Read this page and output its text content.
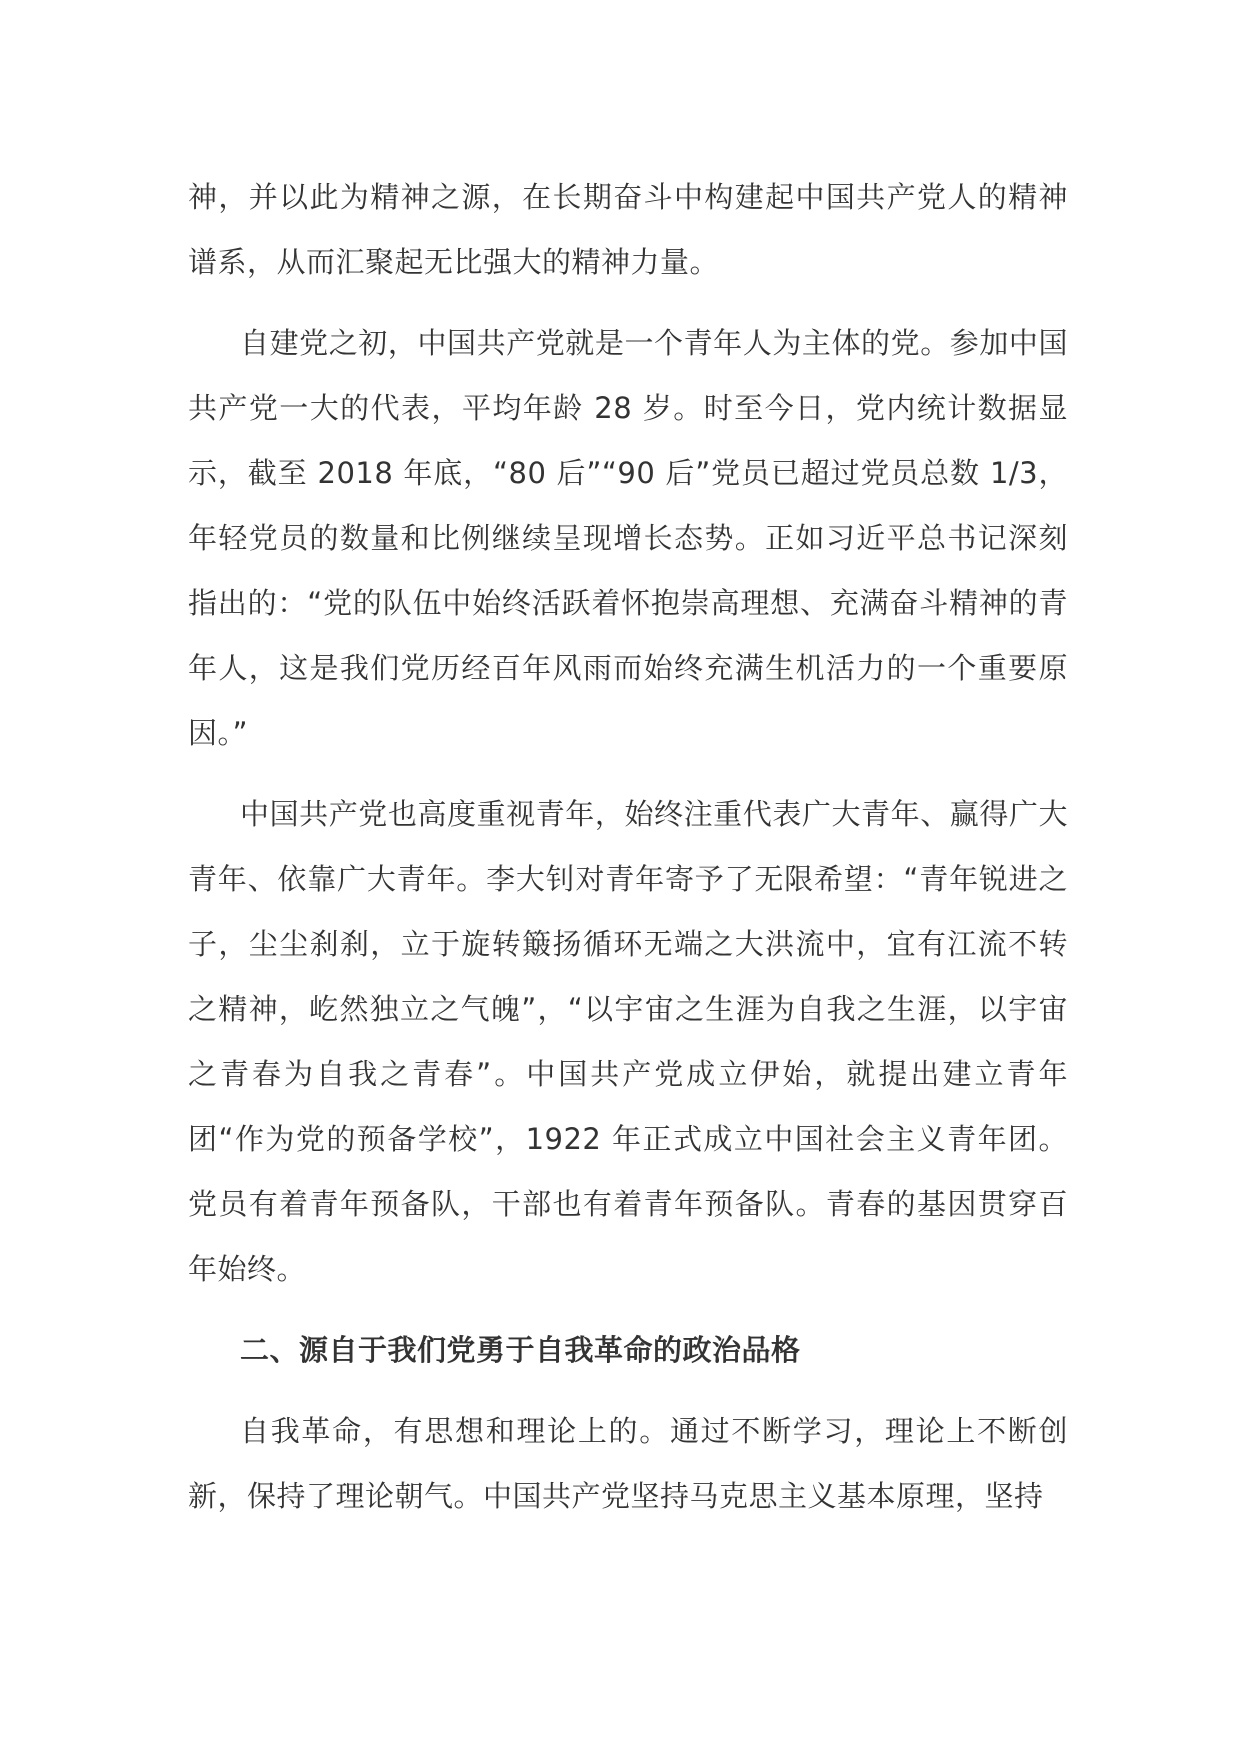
神，并以此为精神之源，在长期奋斗中构建起中国共产党人的精神谱系，从而汇聚起无比强大的精神力量。

自建党之初，中国共产党就是一个青年人为主体的党。参加中国共产党一大的代表，平均年龄 28 岁。时至今日，党内统计数据显示，截至 2018 年底，“80 后”“90 后”党员已超过党员总数 1/3，年轻党员的数量和比例继续呈现增长态势。正如习近平总书记深刻指出的：“党的队伍中始终活跃着怀抱崇高理想、充满奋斗精神的青年人，这是我们党历经百年风雨而始终充满生机活力的一个重要原因。”

中国共产党也高度重视青年，始终注重代表广大青年、赢得广大青年、依靠广大青年。李大钊对青年寄予了无限希望：“青年锐进之子，尘尘刹刹，立于旋转簸扬循环无端之大洪流中，宜有江流不转之精神，屹然独立之气魄”，“以宇宙之生涯为自我之生涯，以宇宙之青春为自我之青春”。中国共产党成立伊始，就提出建立青年团“作为党的预备学校”，1922 年正式成立中国社会主义青年团。党员有着青年预备队，干部也有着青年预备队。青春的基因贯穿百年始终。

二、源自于我们党勇于自我革命的政治品格

自我革命，有思想和理论上的。通过不断学习，理论上不断创新，保持了理论朝气。中国共产党坚持马克思主义基本原理，坚持
